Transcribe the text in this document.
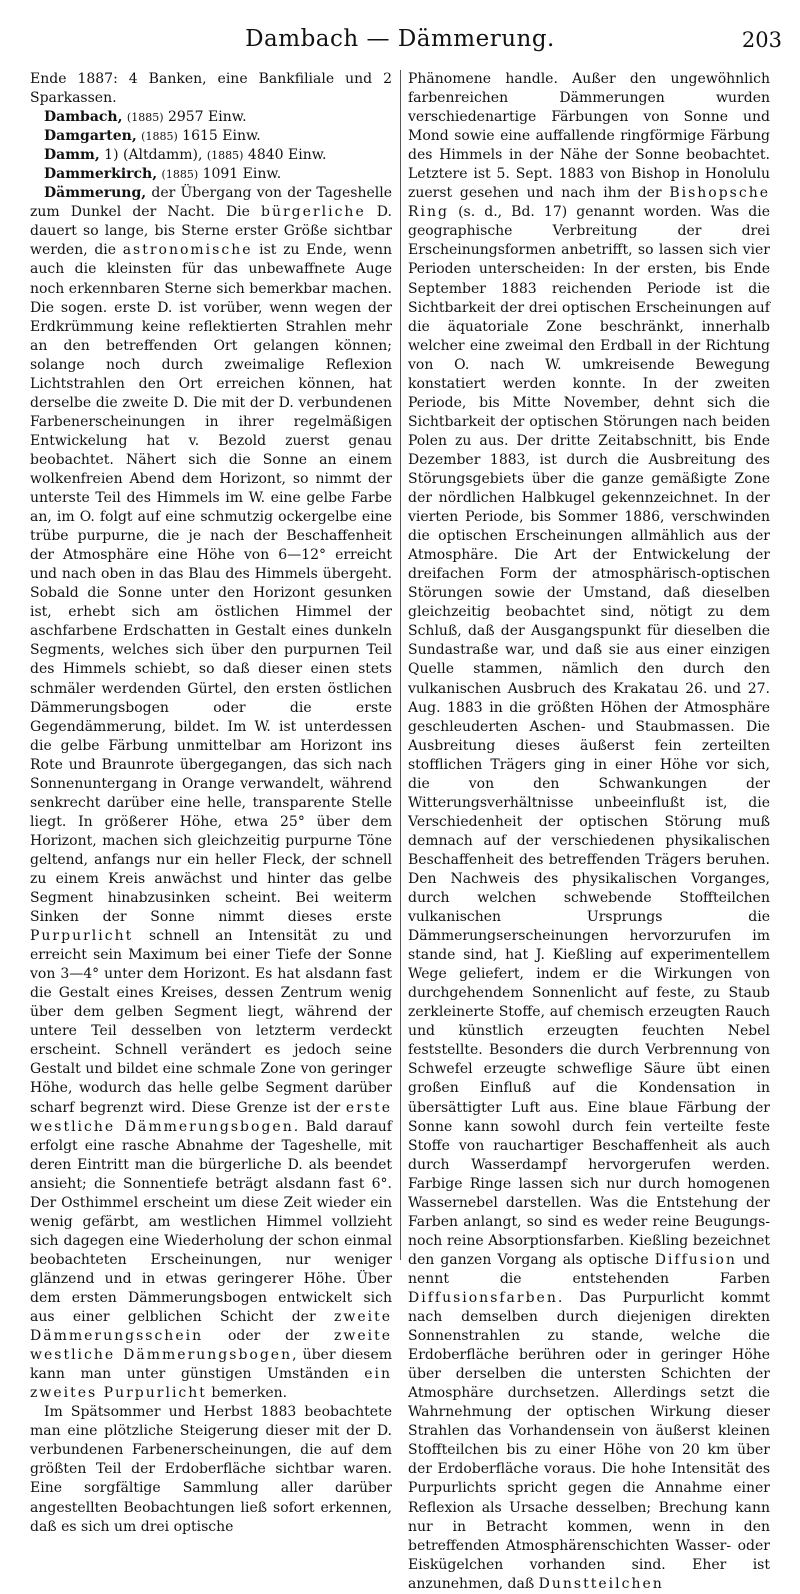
Dambach — Dämmerung.	203

Ende 1887: 4 Banken, eine Bankfiliale und 2 Sparkassen.

Dambach, (1885) 2957 Einw.

Damgarten, (1885) 1615 Einw.

Damm, 1) (Altdamm), (1885) 4840 Einw.

Dammerkirch, (1885) 1091 Einw.

Dämmerung, der Übergang von der Tageshelle zum Dunkel der Nacht. Die bürgerliche D. dauert so lange, bis Sterne erster Größe sichtbar werden, die astronomische ist zu Ende, wenn auch die kleinsten für das unbewaffnete Auge noch erkennbaren Sterne sich bemerkbar machen. Die sogen. erste D. ist vorüber, wenn wegen der Erdkrümmung keine reflektierten Strahlen mehr an den betreffenden Ort gelangen können; solange noch durch zweimalige Reflexion Lichtstrahlen den Ort erreichen können, hat derselbe die zweite D. Die mit der D. verbundenen Farbenerscheinungen in ihrer regelmäßigen Entwickelung hat v. Bezold zuerst genau beobachtet. Nähert sich die Sonne an einem wolkenfreien Abend dem Horizont, so nimmt der unterste Teil des Himmels im W. eine gelbe Farbe an, im O. folgt auf eine schmutzig ockergelbe eine trübe purpurne, die je nach der Beschaffenheit der Atmosphäre eine Höhe von 6—12° erreicht und nach oben in das Blau des Himmels übergeht. Sobald die Sonne unter den Horizont gesunken ist, erhebt sich am östlichen Himmel der aschfarbene Erdschatten in Gestalt eines dunkeln Segments, welches sich über den purpurnen Teil des Himmels schiebt, so daß dieser einen stets schmäler werdenden Gürtel, den ersten östlichen Dämmerungsbogen oder die erste Gegendämmerung, bildet. Im W. ist unterdessen die gelbe Färbung unmittelbar am Horizont ins Rote und Braunrote übergegangen, das sich nach Sonnenuntergang in Orange verwandelt, während senkrecht darüber eine helle, transparente Stelle liegt. In größerer Höhe, etwa 25° über dem Horizont, machen sich gleichzeitig purpurne Töne geltend, anfangs nur ein heller Fleck, der schnell zu einem Kreis anwächst und hinter das gelbe Segment hinabzusinken scheint. Bei weiterm Sinken der Sonne nimmt dieses erste Purpurlicht schnell an Intensität zu und erreicht sein Maximum bei einer Tiefe der Sonne von 3—4° unter dem Horizont. Es hat alsdann fast die Gestalt eines Kreises, dessen Zentrum wenig über dem gelben Segment liegt, während der untere Teil desselben von letzterm verdeckt erscheint. Schnell verändert es jedoch seine Gestalt und bildet eine schmale Zone von geringer Höhe, wodurch das helle gelbe Segment darüber scharf begrenzt wird. Diese Grenze ist der erste westliche Dämmerungsbogen. Bald darauf erfolgt eine rasche Abnahme der Tageshelle, mit deren Eintritt man die bürgerliche D. als beendet ansieht; die Sonnentiefe beträgt alsdann fast 6°. Der Osthimmel erscheint um diese Zeit wieder ein wenig gefärbt, am westlichen Himmel vollzieht sich dagegen eine Wiederholung der schon einmal beobachteten Erscheinungen, nur weniger glänzend und in etwas geringerer Höhe. Über dem ersten Dämmerungsbogen entwickelt sich aus einer gelblichen Schicht der zweite Dämmerungsschein oder der zweite westliche Dämmerungsbogen, über diesem kann man unter günstigen Umständen ein zweites Purpurlicht bemerken.

Im Spätsommer und Herbst 1883 beobachtete man eine plötzliche Steigerung dieser mit der D. verbundenen Farbenerscheinungen, die auf dem größten Teil der Erdoberfläche sichtbar waren. Eine sorgfältige Sammlung aller darüber angestellten Beobachtungen ließ sofort erkennen, daß es sich um drei optische

Phänomene handle. Außer den ungewöhnlich farbenreichen Dämmerungen wurden verschiedenartige Färbungen von Sonne und Mond sowie eine auffallende ringförmige Färbung des Himmels in der Nähe der Sonne beobachtet. Letztere ist 5. Sept. 1883 von Bishop in Honolulu zuerst gesehen und nach ihm der Bishopsche Ring (s. d., Bd. 17) genannt worden. Was die geographische Verbreitung der drei Erscheinungsformen anbetrifft, so lassen sich vier Perioden unterscheiden: In der ersten, bis Ende September 1883 reichenden Periode ist die Sichtbarkeit der drei optischen Erscheinungen auf die äquatoriale Zone beschränkt, innerhalb welcher eine zweimal den Erdball in der Richtung von O. nach W. umkreisende Bewegung konstatiert werden konnte. In der zweiten Periode, bis Mitte November, dehnt sich die Sichtbarkeit der optischen Störungen nach beiden Polen zu aus. Der dritte Zeitabschnitt, bis Ende Dezember 1883, ist durch die Ausbreitung des Störungsgebiets über die ganze gemäßigte Zone der nördlichen Halbkugel gekennzeichnet. In der vierten Periode, bis Sommer 1886, verschwinden die optischen Erscheinungen allmählich aus der Atmosphäre. Die Art der Entwickelung der dreifachen Form der atmosphärisch-optischen Störungen sowie der Umstand, daß dieselben gleichzeitig beobachtet sind, nötigt zu dem Schluß, daß der Ausgangspunkt für dieselben die Sundastraße war, und daß sie aus einer einzigen Quelle stammen, nämlich den durch den vulkanischen Ausbruch des Krakatau 26. und 27. Aug. 1883 in die größten Höhen der Atmosphäre geschleuderten Aschen- und Staubmassen. Die Ausbreitung dieses äußerst fein zerteilten stofflichen Trägers ging in einer Höhe vor sich, die von den Schwankungen der Witterungsverhältnisse unbeeinflußt ist, die Verschiedenheit der optischen Störung muß demnach auf der verschiedenen physikalischen Beschaffenheit des betreffenden Trägers beruhen. Den Nachweis des physikalischen Vorganges, durch welchen schwebende Stoffteilchen vulkanischen Ursprungs die Dämmerungserscheinungen hervorzurufen im stande sind, hat J. Kießling auf experimentellem Wege geliefert, indem er die Wirkungen von durchgehendem Sonnenlicht auf feste, zu Staub zerkleinerte Stoffe, auf chemisch erzeugten Rauch und künstlich erzeugten feuchten Nebel feststellte. Besonders die durch Verbrennung von Schwefel erzeugte schweflige Säure übt einen großen Einfluß auf die Kondensation in übersättigter Luft aus. Eine blaue Färbung der Sonne kann sowohl durch fein verteilte feste Stoffe von rauchartiger Beschaffenheit als auch durch Wasserdampf hervorgerufen werden. Farbige Ringe lassen sich nur durch homogenen Wassernebel darstellen. Was die Entstehung der Farben anlangt, so sind es weder reine Beugungs- noch reine Absorptionsfarben. Kießling bezeichnet den ganzen Vorgang als optische Diffusion und nennt die entstehenden Farben Diffusionsfarben. Das Purpurlicht kommt nach demselben durch diejenigen direkten Sonnenstrahlen zu stande, welche die Erdoberfläche berühren oder in geringer Höhe über derselben die untersten Schichten der Atmosphäre durchsetzen. Allerdings setzt die Wahrnehmung der optischen Wirkung dieser Strahlen das Vorhandensein von äußerst kleinen Stoffteilchen bis zu einer Höhe von 20 km über der Erdoberfläche voraus. Die hohe Intensität des Purpurlichts spricht gegen die Annahme einer Reflexion als Ursache desselben; Brechung kann nur in Betracht kommen, wenn in den betreffenden Atmosphärenschichten Wasser- oder Eiskügelchen vorhanden sind. Eher ist anzunehmen, daß Dunstteilchen
